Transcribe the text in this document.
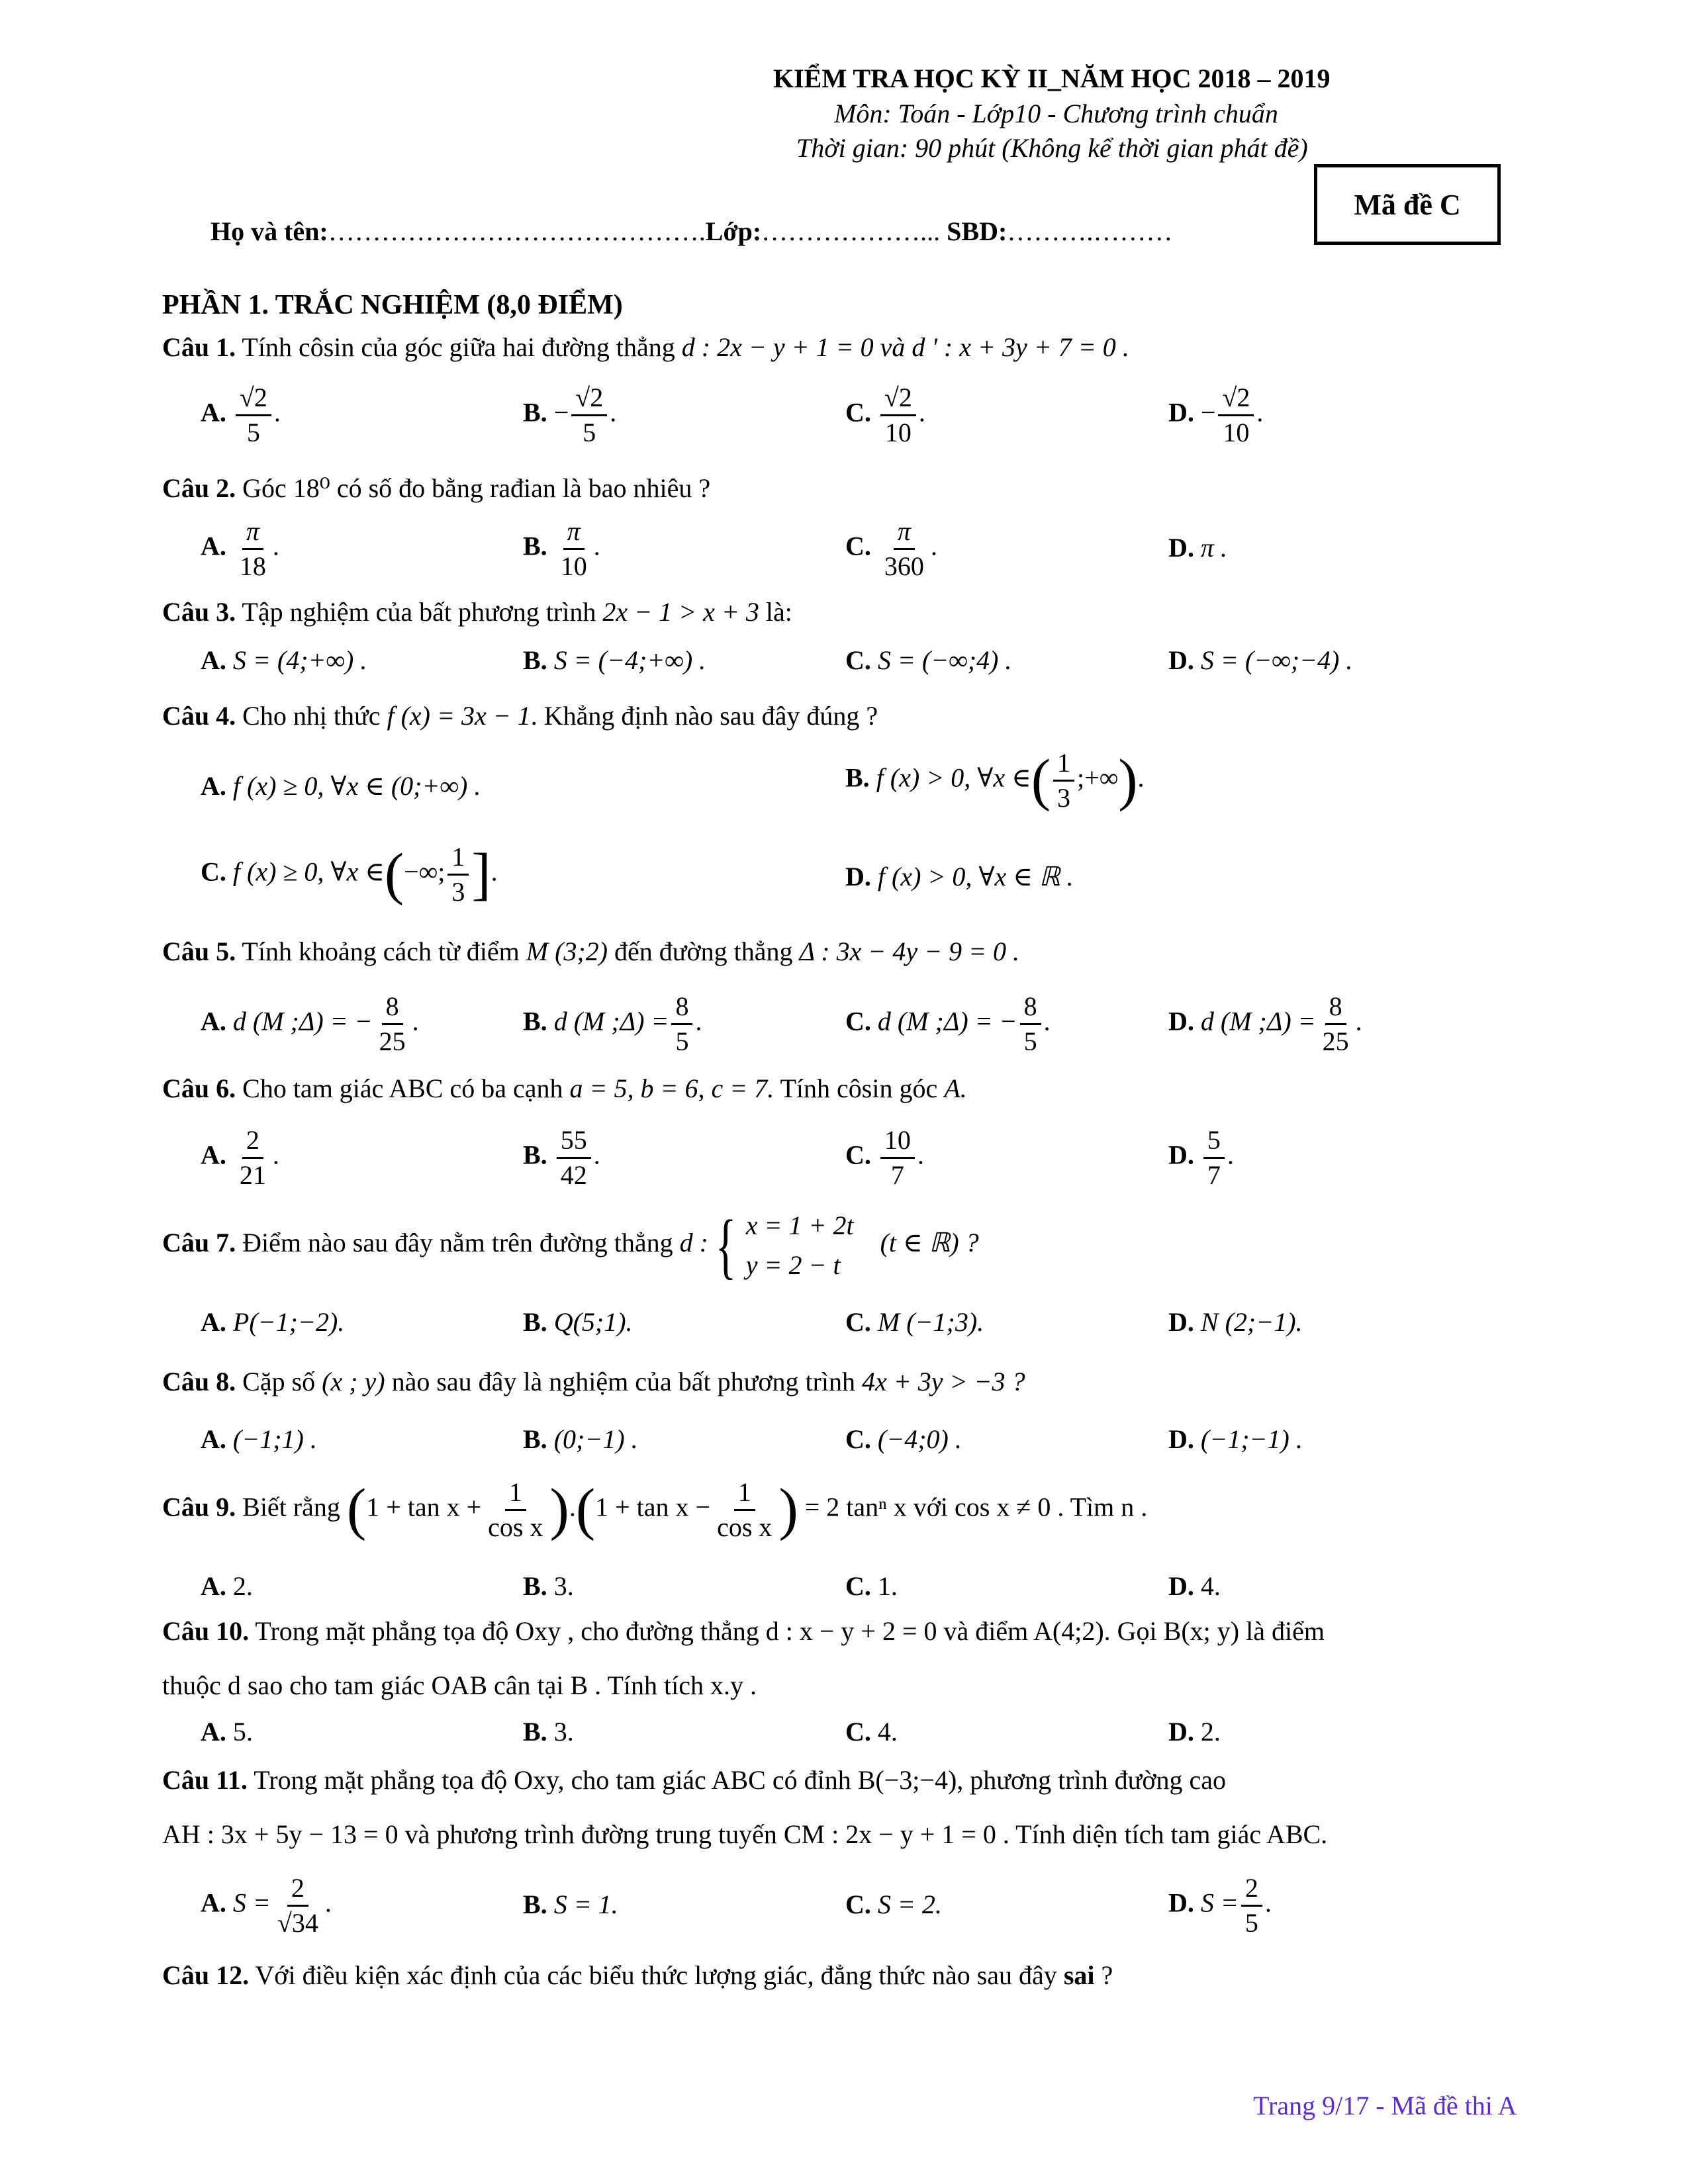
KIỂM TRA HỌC KỲ II_NĂM HỌC 2018 – 2019
Môn: Toán - Lớp10 - Chương trình chuẩn
Thời gian: 90 phút (Không kể thời gian phát đề)
Họ và tên:…………………………………….Lớp:………………... SBD:……….………
Mã đề C
PHẦN 1. TRẮC NGHIỆM (8,0 ĐIỂM)
Câu 1. Tính côsin của góc giữa hai đường thẳng d : 2x − y + 1 = 0 và d ' : x + 3y + 7 = 0 .
A. $\frac{√2}{5}$ .	B. − $\frac{√2}{5}$ .	C. $\frac{√2}{10}$ .	D. − $\frac{√2}{10}$ .
Câu 2. Góc 18⁰ có số đo bằng rađian là bao nhiêu ?
A. $\frac{\pi}{18}$ .	B. $\frac{\pi}{10}$ .	C. $\frac{\pi}{360}$ .	D. π .
Câu 3. Tập nghiệm của bất phương trình 2x − 1 > x + 3 là:
A. S = (4;+∞) .	B. S = (−4;+∞) .	C. S = (−∞;4) .	D. S = (−∞;−4) .
Câu 4. Cho nhị thức f (x) = 3x − 1. Khẳng định nào sau đây đúng ?
A. f (x) ≥ 0, ∀x ∈ (0;+∞) .	B. f (x) > 0, ∀x ∈( $\frac{1}{3}$ ;+∞).
C. f (x) ≥ 0, ∀x ∈(−∞; $\frac{1}{3}$ ].	D. f (x) > 0, ∀x ∈ ℝ .
Câu 5. Tính khoảng cách từ điểm M (3;2) đến đường thẳng Δ : 3x − 4y − 9 = 0 .
A. d (M ;Δ) = − $\frac{8}{25}$ .	B. d (M ;Δ) = $\frac{8}{5}$ .	C. d (M ;Δ) = − $\frac{8}{5}$ .	D. d (M ;Δ) = $\frac{8}{25}$ .
Câu 6. Cho tam giác ABC có ba cạnh a = 5, b = 6, c = 7. Tính côsin góc A.
A. $\frac{2}{21}$ .	B. $\frac{55}{42}$ .	C. $\frac{10}{7}$ .	D. $\frac{5}{7}$ .
Câu 7. Điểm nào sau đây nằm trên đường thẳng d : { x = 1 + 2t
y = 2 − t
(t ∈ ℝ) ?
A. P(−1;−2).	B. Q(5;1).	C. M (−1;3).	D. N (2;−1).
Câu 8. Cặp số (x ; y) nào sau đây là nghiệm của bất phương trình 4x + 3y > −3 ?
A. (−1;1) .	B. (0;−1) .	C. (−4;0) .	D. (−1;−1) .
Câu 9. Biết rằng $(1 + \tan x + \frac{1}{\text{cos x}} ).(1 + \tan x - \frac{1}{\text{cos x}}$ ) = 2 tanⁿ x với cos x ≠ 0 . Tìm n .
A. 2.	B. 3.	C. 1.	D. 4.
Câu 10. Trong mặt phẳng tọa độ Oxy , cho đường thẳng d : x − y + 2 = 0 và điểm A(4;2). Gọi B(x; y) là điểm
thuộc d sao cho tam giác OAB cân tại B . Tính tích x.y .
A. 5.	B. 3.	C. 4.	D. 2.
Câu 11. Trong mặt phẳng tọa độ Oxy, cho tam giác ABC có đỉnh B(−3;−4), phương trình đường cao
AH : 3x + 5y − 13 = 0 và phương trình đường trung tuyến CM : 2x − y + 1 = 0 . Tính diện tích tam giác ABC.
A. $S = \frac{2}{√34}$ .	B. S = 1.	C. S = 2.	D. $S = \frac{2}{5}$ .
Câu 12. Với điều kiện xác định của các biểu thức lượng giác, đẳng thức nào sau đây sai ?
Trang 9/17 - Mã đề thi A
